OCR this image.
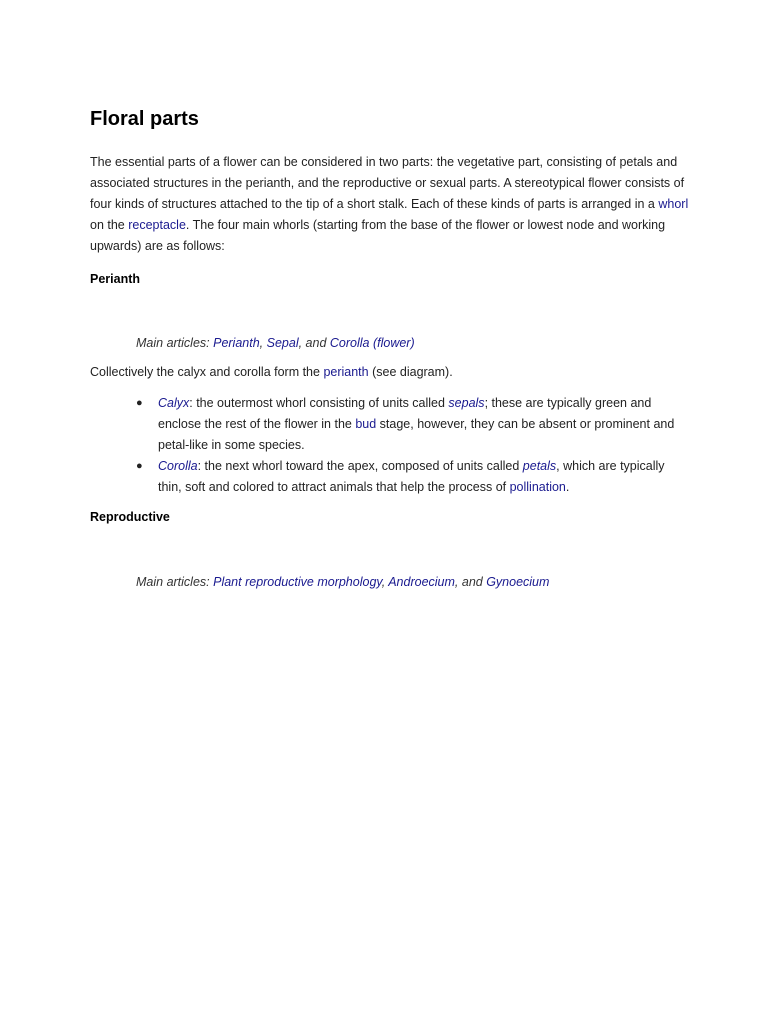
Floral parts

The essential parts of a flower can be considered in two parts: the vegetative part, consisting of petals and associated structures in the perianth, and the reproductive or sexual parts. A stereotypical flower consists of four kinds of structures attached to the tip of a short stalk. Each of these kinds of parts is arranged in a whorl on the receptacle. The four main whorls (starting from the base of the flower or lowest node and working upwards) are as follows:

Perianth
Main articles: Perianth, Sepal, and Corolla (flower)

Collectively the calyx and corolla form the perianth (see diagram).

● Calyx: the outermost whorl consisting of units called sepals; these are typically green and enclose the rest of the flower in the bud stage, however, they can be absent or prominent and petal-like in some species.
● Corolla: the next whorl toward the apex, composed of units called petals, which are typically thin, soft and colored to attract animals that help the process of pollination.
Reproductive
Main articles: Plant reproductive morphology, Androecium, and Gynoecium
